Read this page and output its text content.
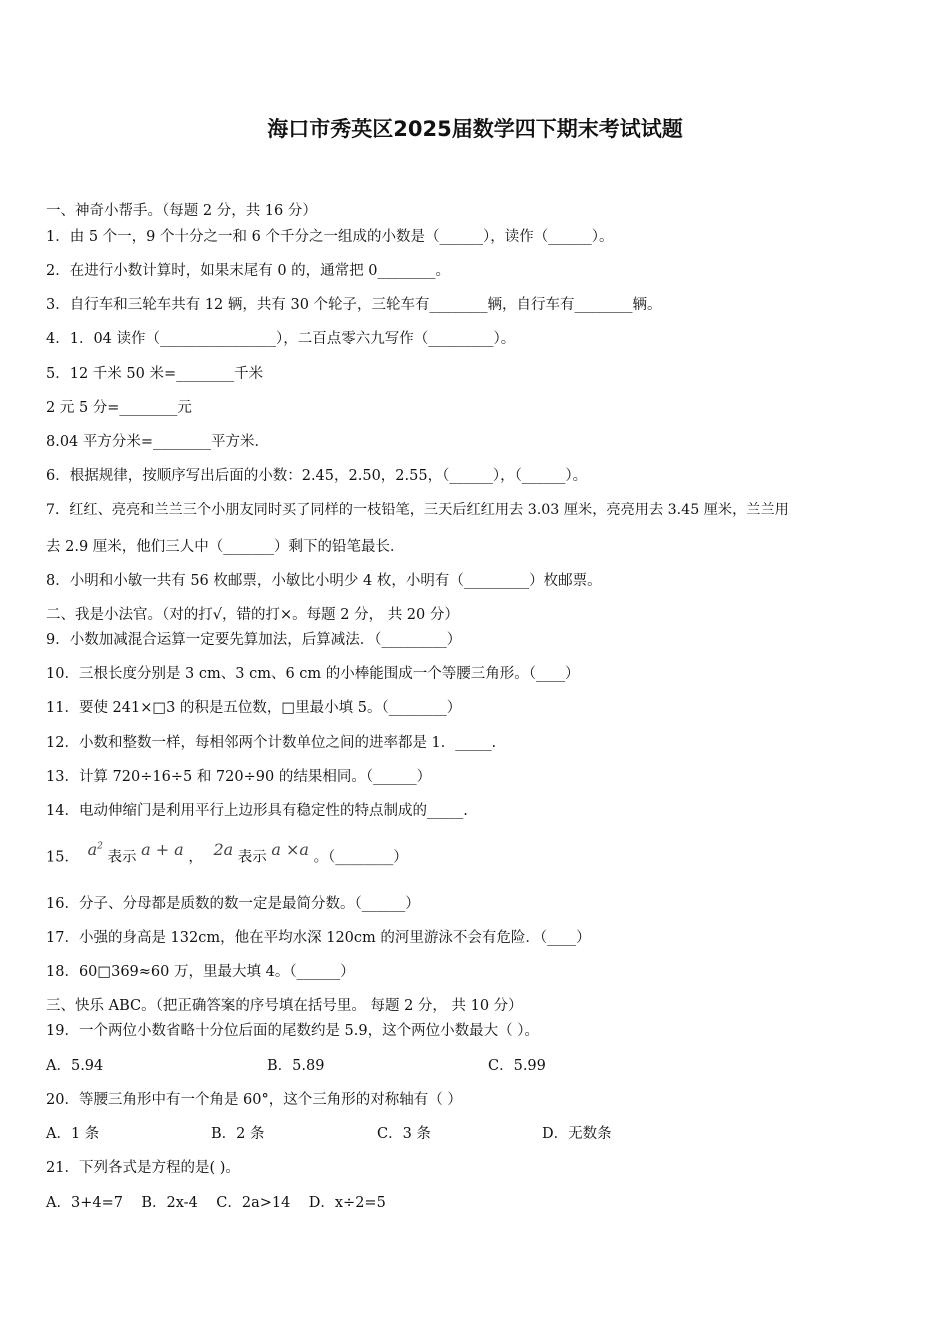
海口市秀英区2025届数学四下期末考试试题
一、神奇小帮手。（每题 2 分，共 16 分）
1．由 5 个一，9 个十分之一和 6 个千分之一组成的小数是（______），读作（______）。
2．在进行小数计算时，如果末尾有 0 的，通常把 0________。
3．自行车和三轮车共有 12 辆，共有 30 个轮子，三轮车有________辆，自行车有________辆。
4．1．04 读作（________________），二百点零六九写作（_________）。
5．12 千米 50 米=________千米
2 元 5 分=________元
8.04 平方分米=________平方米．
6．根据规律，按顺序写出后面的小数：2.45，2.50，2.55，（______），（______）。
7．红红、亮亮和兰兰三个小朋友同时买了同样的一枝铅笔，三天后红红用去 3.03 厘米，亮亮用去 3.45 厘米，兰兰用
去 2.9 厘米，他们三人中（_______）剩下的铅笔最长．
8．小明和小敏一共有 56 枚邮票，小敏比小明少 4 枚，小明有（_________）枚邮票。
二、我是小法官。（对的打√，错的打×。每题 2 分， 共 20 分）
9．小数加减混合运算一定要先算加法，后算减法．（_________）
10．三根长度分别是 3 cm、3 cm、6 cm 的小棒能围成一个等腰三角形。（____）
11．要使 241×□3 的积是五位数，□里最小填 5。（________）
12．小数和整数一样，每相邻两个计数单位之间的进率都是 1．_____.
13．计算 720÷16÷5 和 720÷90 的结果相同。（______）
14．电动伸缩门是利用平行上边形具有稳定性的特点制成的_____.
15． $a^2$ 表示 a + a ， 2a 表示 a ×a 。（________）
16．分子、分母都是质数的数一定是最简分数。（______）
17．小强的身高是 132cm，他在平均水深 120cm 的河里游泳不会有危险．（____）
18．60□369≈60 万，里最大填 4。（______）
三、快乐 ABC。（把正确答案的序号填在括号里。 每题 2 分， 共 10 分）
19．一个两位小数省略十分位后面的尾数约是 5.9，这个两位小数最大（ ）。
A．5.94	B．5.89	C．5.99
20．等腰三角形中有一个角是 60°，这个三角形的对称轴有（ ）
A．1 条	B．2 条	C．3 条	D．无数条
21．下列各式是方程的是( )。
A．3+4=7    B．2x-4    C．2a>14    D．x÷2=5
